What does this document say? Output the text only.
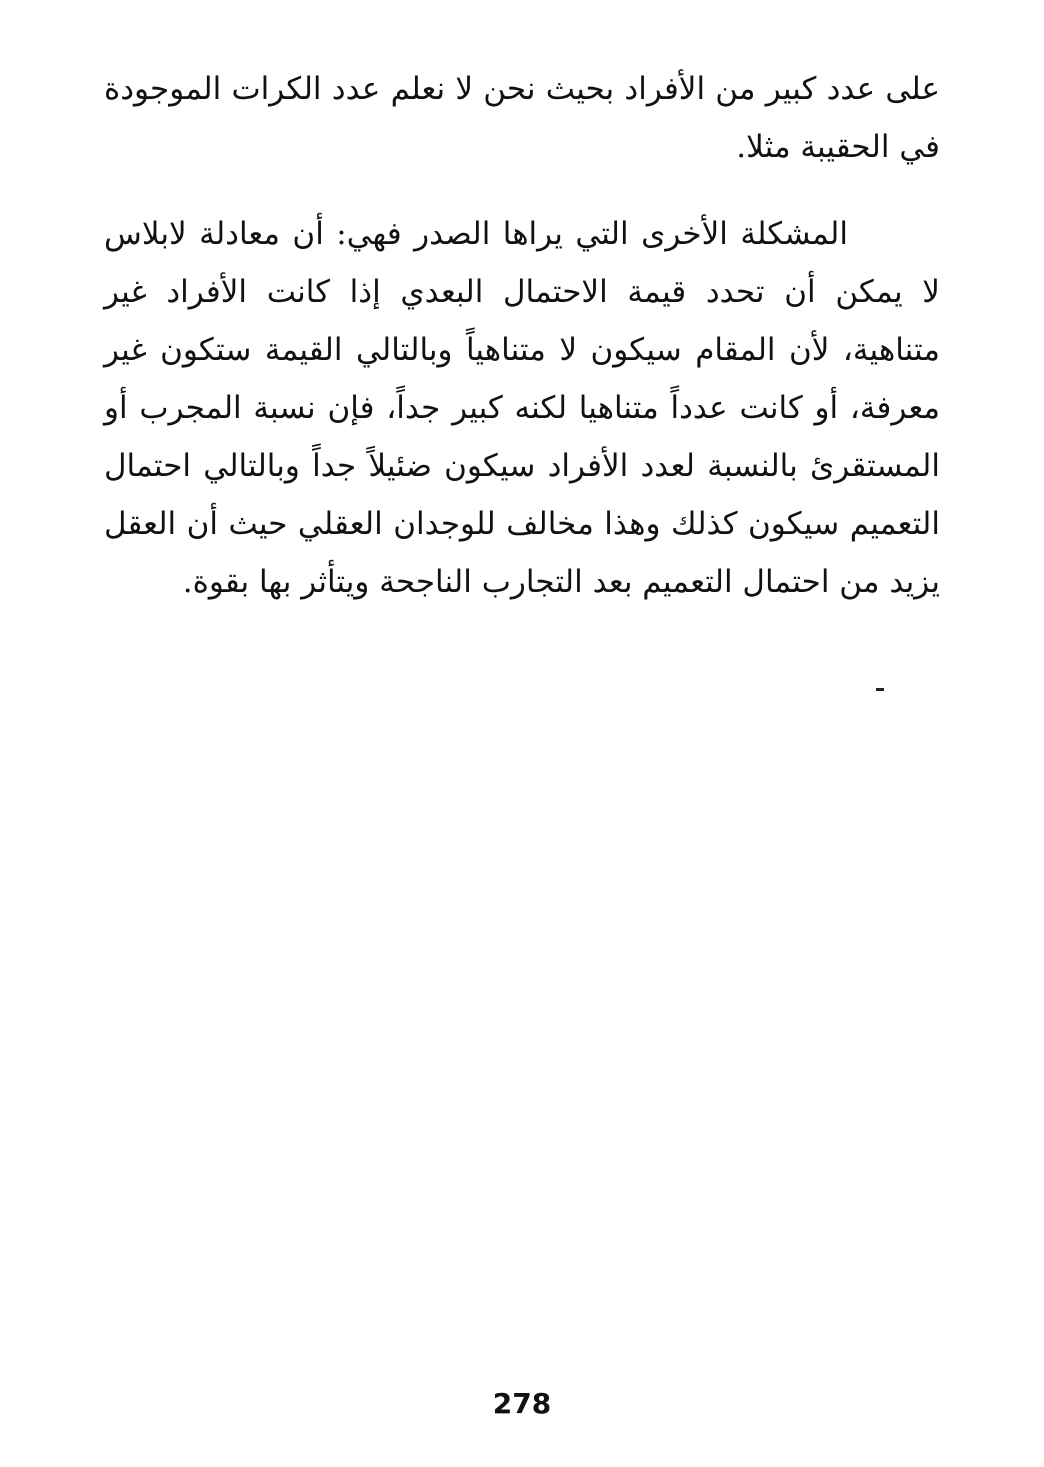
على عدد كبير من الأفراد بحيث نحن لا نعلم عدد الكرات الموجودة في الحقيبة مثلا.

المشكلة الأخرى التي يراها الصدر فهي: أن معادلة لابلاس لا يمكن أن تحدد قيمة الاحتمال البعدي إذا كانت الأفراد غير متناهية، لأن المقام سيكون لا متناهياً وبالتالي القيمة ستكون غير معرفة، أو كانت عدداً متناهيا لكنه كبير جداً، فإن نسبة المجرب أو المستقرئ بالنسبة لعدد الأفراد سيكون ضئيلاً جداً وبالتالي احتمال التعميم سيكون كذلك وهذا مخالف للوجدان العقلي حيث أن العقل يزيد من احتمال التعميم بعد التجارب الناجحة ويتأثر بها بقوة.

278
